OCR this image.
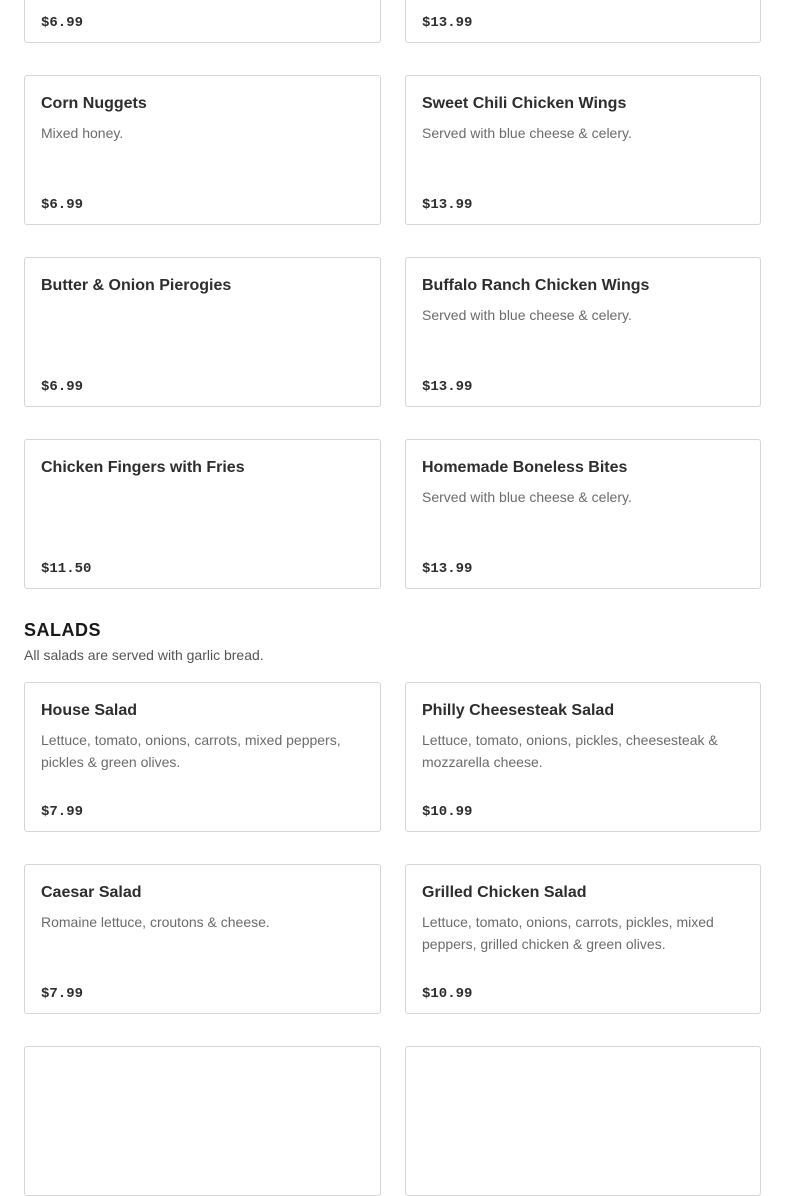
$6.99	$13.99
Corn Nuggets
Mixed honey.
$6.99
Sweet Chili Chicken Wings
Served with blue cheese & celery.
$13.99
Butter & Onion Pierogies
$6.99
Buffalo Ranch Chicken Wings
Served with blue cheese & celery.
$13.99
Chicken Fingers with Fries
$11.50
Homemade Boneless Bites
Served with blue cheese & celery.
$13.99
SALADS
All salads are served with garlic bread.
House Salad
Lettuce, tomato, onions, carrots, mixed peppers, pickles & green olives.
$7.99
Philly Cheesesteak Salad
Lettuce, tomato, onions, pickles, cheesesteak & mozzarella cheese.
$10.99
Caesar Salad
Romaine lettuce, croutons & cheese.
$7.99
Grilled Chicken Salad
Lettuce, tomato, onions, carrots, pickles, mixed peppers, grilled chicken & green olives.
$10.99
